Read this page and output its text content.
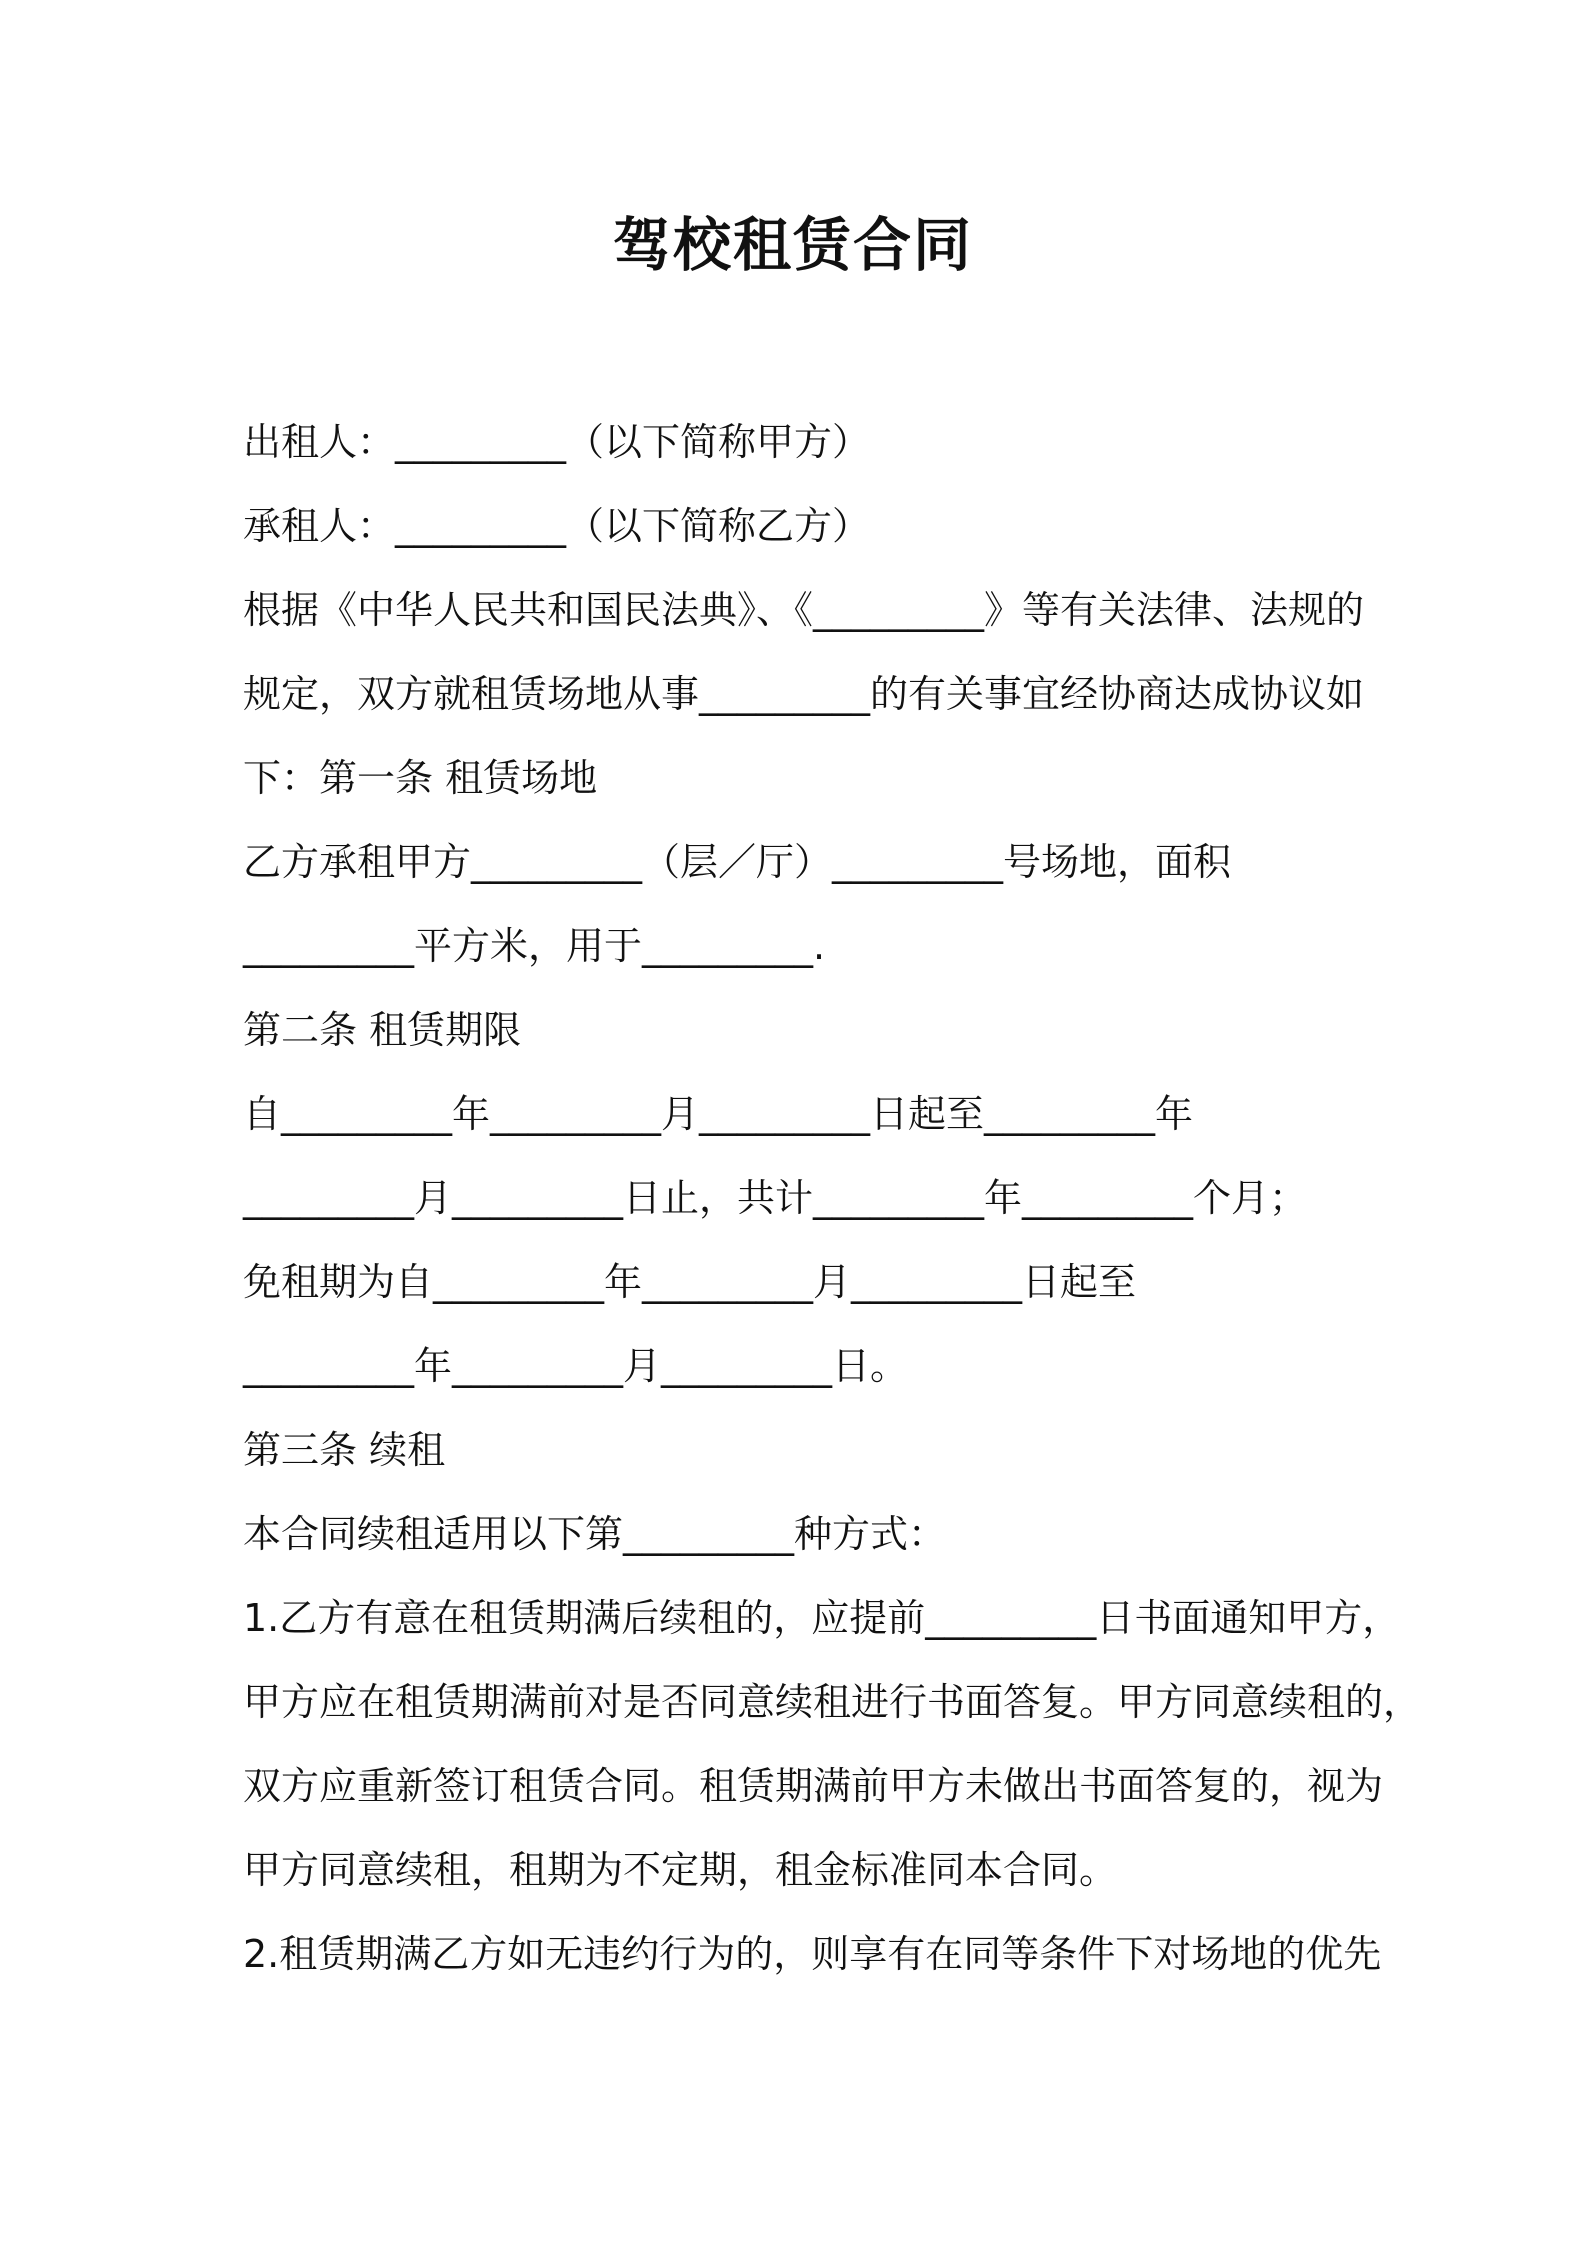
驾校租赁合同
出租人：_________（以下简称甲方）
承租人：_________（以下简称乙方）
根据《中华人民共和国民法典》、《_________》等有关法律、法规的
规定，双方就租赁场地从事_________的有关事宜经协商达成协议如
下：第一条 租赁场地
乙方承租甲方_________（层／厅）_________号场地，面积
_________平方米，用于_________.
第二条 租赁期限
自_________年_________月_________日起至_________年
_________月_________日止，共计_________年_________个月；
免租期为自_________年_________月_________日起至
_________年_________月_________日。
第三条 续租
本合同续租适用以下第_________种方式：
1.乙方有意在租赁期满后续租的，应提前_________日书面通知甲方，
甲方应在租赁期满前对是否同意续租进行书面答复。甲方同意续租的，
双方应重新签订租赁合同。租赁期满前甲方未做出书面答复的，视为
甲方同意续租，租期为不定期，租金标准同本合同。
2.租赁期满乙方如无违约行为的，则享有在同等条件下对场地的优先
